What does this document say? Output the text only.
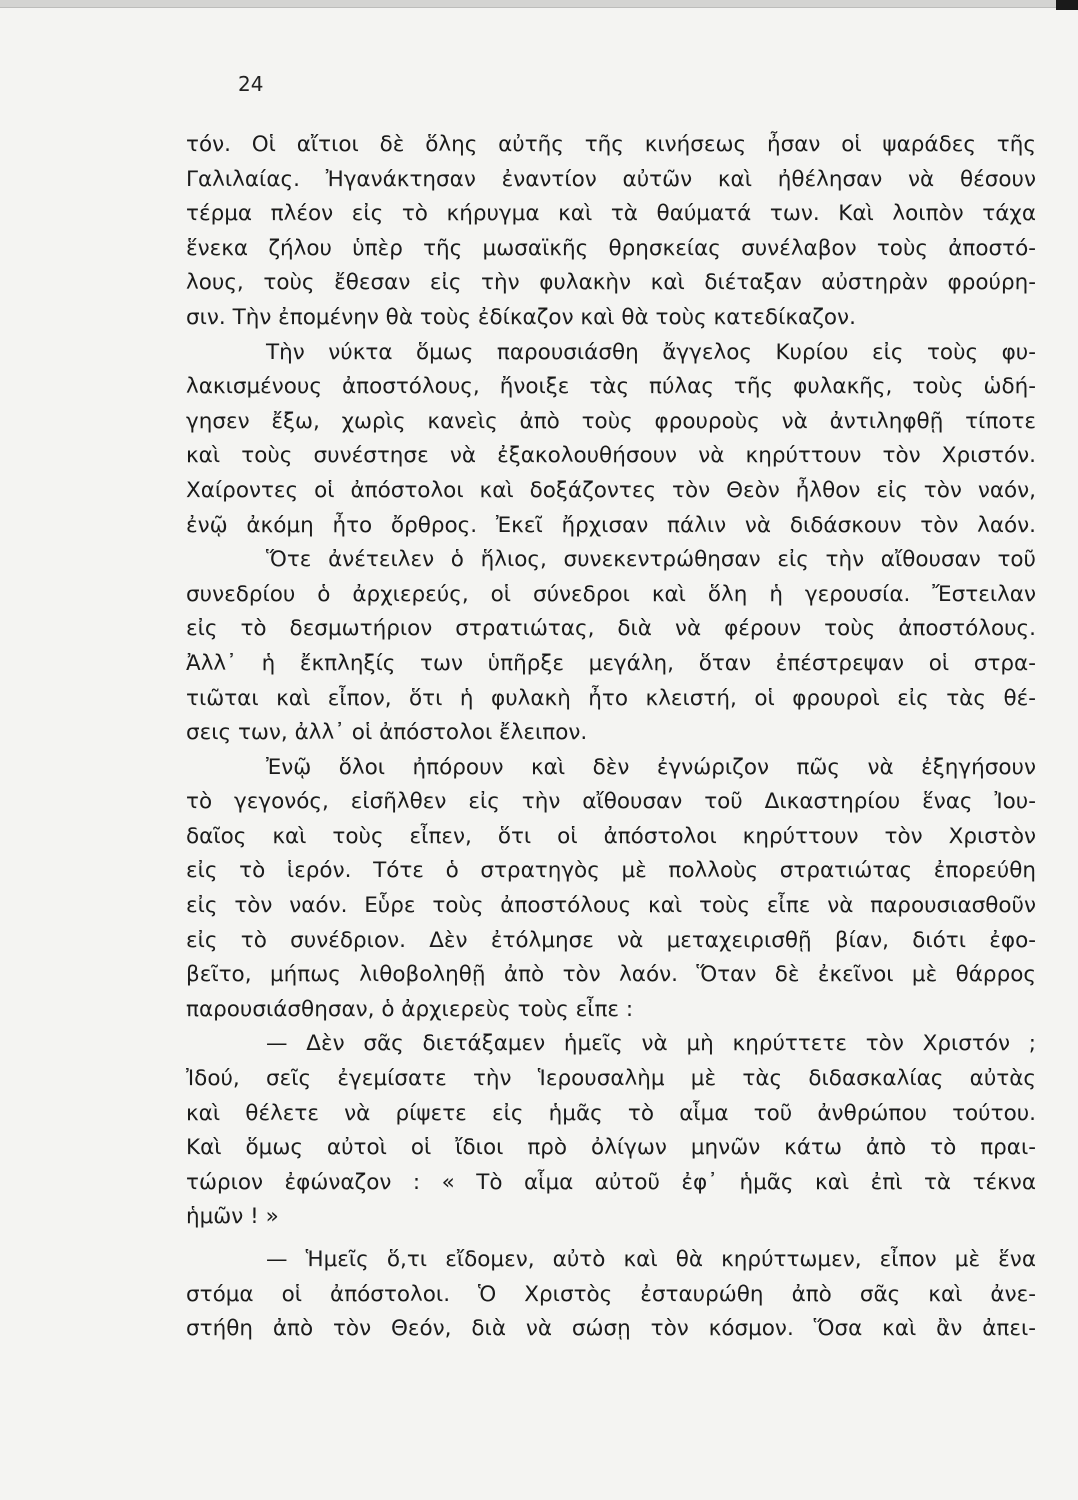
24
τόν. Οἱ αἴτιοι δὲ ὅλης αὐτῆς τῆς κινήσεως ἦσαν οἱ ψαράδες τῆς
Γαλιλαίας. Ἠγανάκτησαν ἐναντίον αὐτῶν καὶ ἠθέλησαν νὰ θέσουν
τέρμα πλέον εἰς τὸ κήρυγμα καὶ τὰ θαύματά των. Καὶ λοιπὸν τάχα
ἕνεκα ζήλου ὑπὲρ τῆς μωσαϊκῆς θρησκείας συνέλαβον τοὺς ἀποστό-
λους, τοὺς ἔθεσαν εἰς τὴν φυλακὴν καὶ διέταξαν αὐστηρὰν φρούρη-
σιν. Τὴν ἐπομένην θὰ τοὺς ἐδίκαζον καὶ θὰ τοὺς κατεδίκαζον.
Τὴν νύκτα ὅμως παρουσιάσθη ἄγγελος Κυρίου εἰς τοὺς φυ-
λακισμένους ἀποστόλους, ἤνοιξε τὰς πύλας τῆς φυλακῆς, τοὺς ὡδή-
γησεν ἔξω, χωρὶς κανεὶς ἀπὸ τοὺς φρουροὺς νὰ ἀντιληφθῇ τίποτε
καὶ τοὺς συνέστησε νὰ ἐξακολουθήσουν νὰ κηρύττουν τὸν Χριστόν.
Χαίροντες οἱ ἀπόστολοι καὶ δοξάζοντες τὸν Θεὸν ἦλθον εἰς τὸν ναόν,
ἐνῷ ἀκόμη ἦτο ὄρθρος. Ἐκεῖ ἤρχισαν πάλιν νὰ διδάσκουν τὸν λαόν.
Ὅτε ἀνέτειλεν ὁ ἥλιος, συνεκεντρώθησαν εἰς τὴν αἴθουσαν τοῦ
συνεδρίου ὁ ἀρχιερεύς, οἱ σύνεδροι καὶ ὅλη ἡ γερουσία. Ἔστειλαν
εἰς τὸ δεσμωτήριον στρατιώτας, διὰ νὰ φέρουν τοὺς ἀποστόλους.
Ἀλλ᾽ ἡ ἔκπληξίς των ὑπῆρξε μεγάλη, ὅταν ἐπέστρεψαν οἱ στρα-
τιῶται καὶ εἶπον, ὅτι ἡ φυλακὴ ἦτο κλειστή, οἱ φρουροὶ εἰς τὰς θέ-
σεις των, ἀλλ᾽ οἱ ἀπόστολοι ἔλειπον.
Ἐνῷ ὅλοι ἠπόρουν καὶ δὲν ἐγνώριζον πῶς νὰ ἐξηγήσουν
τὸ γεγονός, εἰσῆλθεν εἰς τὴν αἴθουσαν τοῦ Δικαστηρίου ἕνας Ἰου-
δαῖος καὶ τοὺς εἶπεν, ὅτι οἱ ἀπόστολοι κηρύττουν τὸν Χριστὸν
εἰς τὸ ἱερόν. Τότε ὁ στρατηγὸς μὲ πολλοὺς στρατιώτας ἐπορεύθη
εἰς τὸν ναόν. Εὗρε τοὺς ἀποστόλους καὶ τοὺς εἶπε νὰ παρουσιασθοῦν
εἰς τὸ συνέδριον. Δὲν ἐτόλμησε νὰ μεταχειρισθῇ βίαν, διότι ἐφο-
βεῖτο, μήπως λιθοβοληθῇ ἀπὸ τὸν λαόν. Ὅταν δὲ ἐκεῖνοι μὲ θάρρος
παρουσιάσθησαν, ὁ ἀρχιερεὺς τοὺς εἶπε :
— Δὲν σᾶς διετάξαμεν ἡμεῖς νὰ μὴ κηρύττετε τὸν Χριστόν ;
Ἰδού, σεῖς ἐγεμίσατε τὴν Ἱερουσαλὴμ μὲ τὰς διδασκαλίας αὐτὰς
καὶ θέλετε νὰ ρίψετε εἰς ἡμᾶς τὸ αἷμα τοῦ ἀνθρώπου τούτου.
Καὶ ὅμως αὐτοὶ οἱ ἴδιοι πρὸ ὀλίγων μηνῶν κάτω ἀπὸ τὸ πραι-
τώριον ἐφώναζον : « Τὸ αἷμα αὐτοῦ ἐφ᾽ ἡμᾶς καὶ ἐπὶ τὰ τέκνα
ἡμῶν ! »
— Ἡμεῖς ὅ,τι εἴδομεν, αὐτὸ καὶ θὰ κηρύττωμεν, εἶπον μὲ ἕνα
στόμα οἱ ἀπόστολοι. Ὁ Χριστὸς ἐσταυρώθη ἀπὸ σᾶς καὶ ἀνε-
στήθη ἀπὸ τὸν Θεόν, διὰ νὰ σώσῃ τὸν κόσμον. Ὅσα καὶ ἂν ἀπει-
